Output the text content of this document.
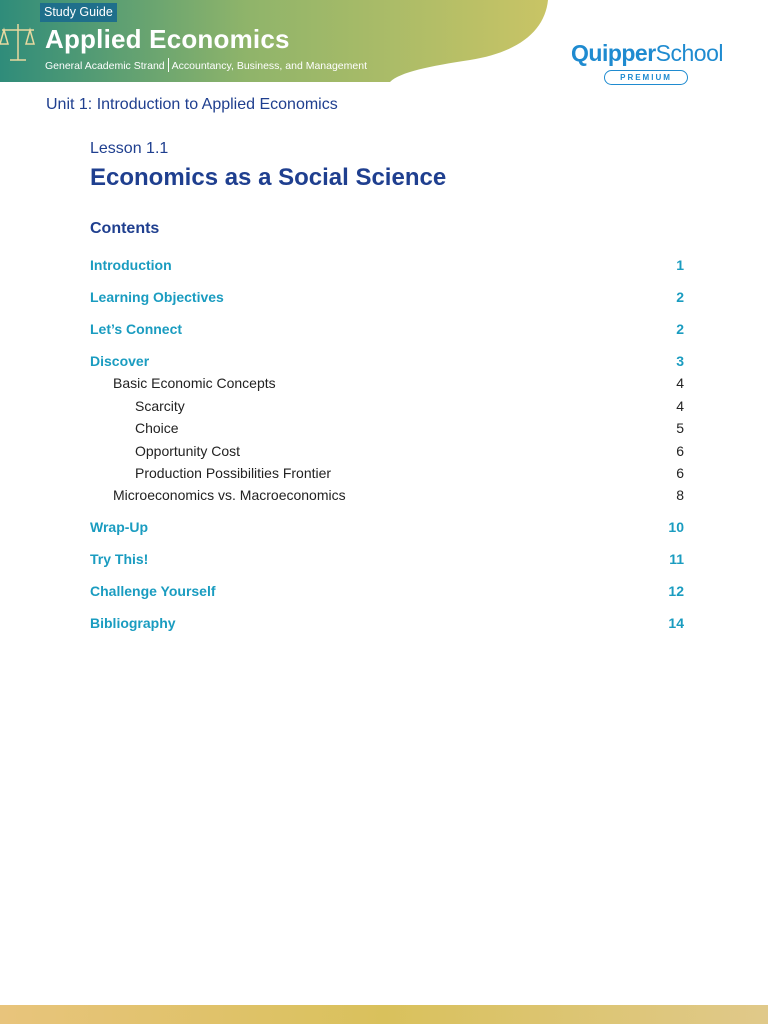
Study Guide
Applied Economics
General Academic Strand Accountancy, Business, and Management	QuipperSchool
PREMIUM
Unit 1: Introduction to Applied Economics
Lesson 1.1
Economics as a Social Science
Contents
Introduction	1
Learning Objectives	2
Let’s Connect	2
Discover	3
Basic Economic Concepts	4
Scarcity	4
Choice	5
Opportunity Cost	6
Production Possibilities Frontier	6
Microeconomics vs. Macroeconomics	8
Wrap-Up	10
Try This!	11
Challenge Yourself	12
Bibliography	14
